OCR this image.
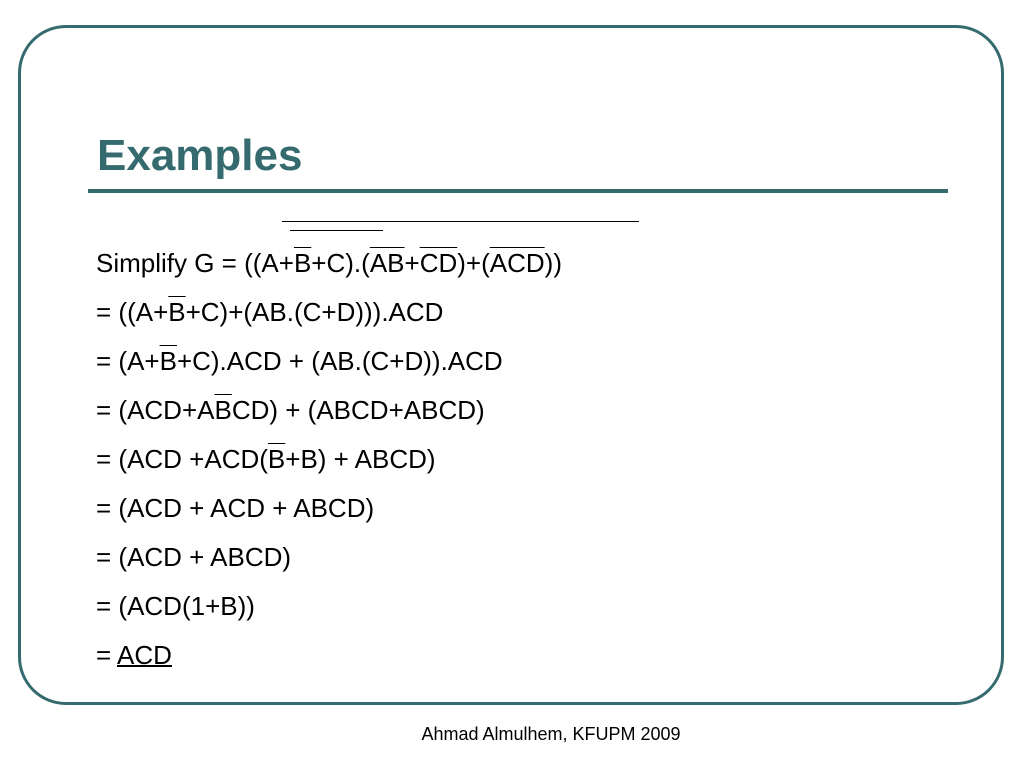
Examples
Simplify $G = ((A+\overline{B}+C).(\overline{AB}+\overline{C}\overline{D})+(\overline{ACD}))$
= $((A+\overline{B}+C)+(AB.(C+D))).ACD$
= $(A+\overline{B}+C).ACD + (AB.(C+D)).ACD$
= $(ACD+A\overline{B}CD)$ + (ABCD+ABCD)
= ($ACD +ACD(\overline{B}+B)$ + ABCD)
= (ACD + ACD + ABCD)
= (ACD + ABCD)
= (ACD(1+B))
= ACD
Ahmad Almulhem, KFUPM 2009
